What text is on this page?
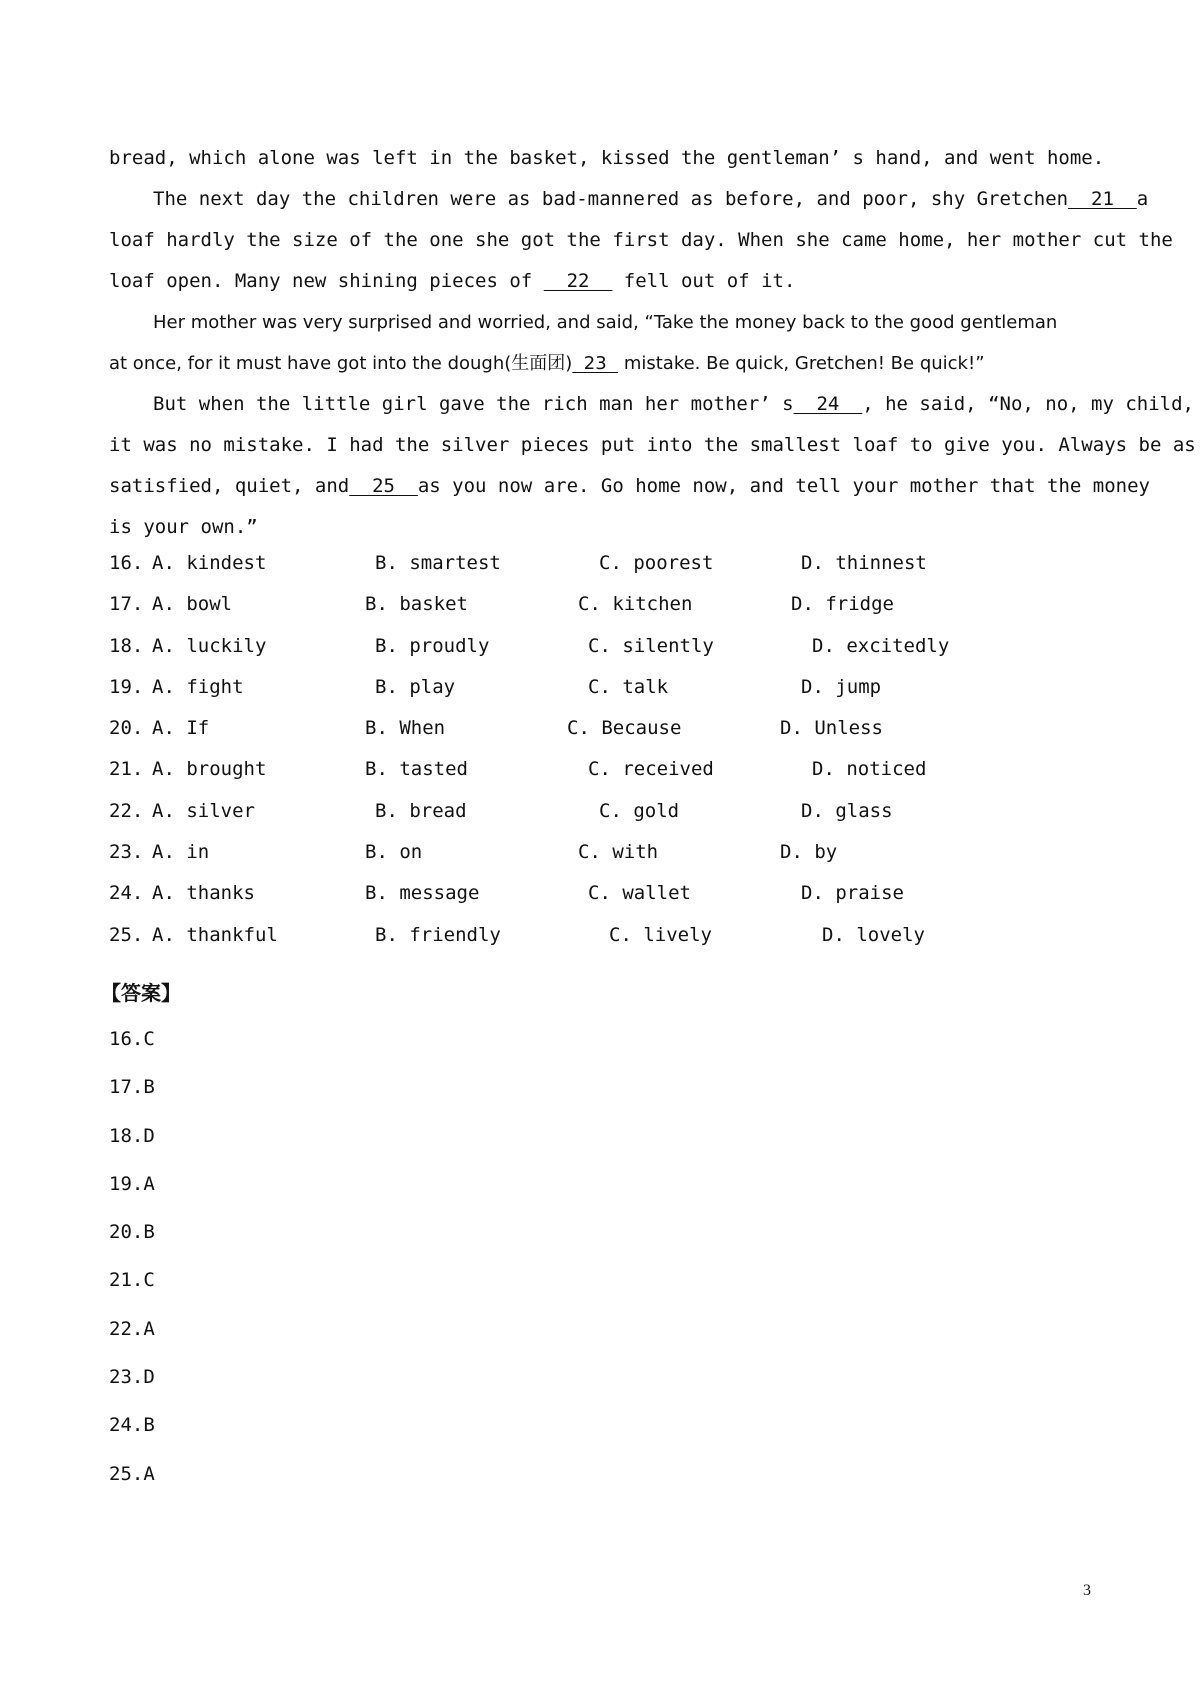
bread, which alone was left in the basket, kissed the gentleman’ s hand, and went home.
The next day the children were as bad-mannered as before, and poor, shy Gretchen 21 a
loaf hardly the size of the one she got the first day. When she came home, her mother cut the
loaf open. Many new shining pieces of
22
fell out of it.
Her mother was very surprised and worried, and said, “Take the money back to the good gentleman
at once, for it must have got into the dough(生面团) 23
mistake. Be quick, Gretchen! Be quick!”
But when the little girl gave the rich man her mother’ s 24 , he said, “No, no, my child,
it was no mistake. I had the silver pieces put into the smallest loaf to give you. Always be as
satisfied, quiet, and 25 as you now are. Go home now, and tell your mother that the money
is your own.”
16. A. kindest	B. smartest	C. poorest	D. thinnest
17. A. bowl	B. basket	C. kitchen	D. fridge
18. A. luckily	B. proudly	C. silently	D. excitedly
19. A. fight	B. play	C. talk	D. jump
20. A. If	B. When	C. Because	D. Unless
21. A. brought	B. tasted	C. received	D. noticed
22. A. silver	B. bread	C. gold	D. glass
23. A. in	B. on	C. with	D. by
24. A. thanks	B. message	C. wallet	D. praise
25. A. thankful	B. friendly	C. lively	D. lovely
【答案】
16.C
17.B
18.D
19.A
20.B
21.C
22.A
23.D
24.B
25.A
3
